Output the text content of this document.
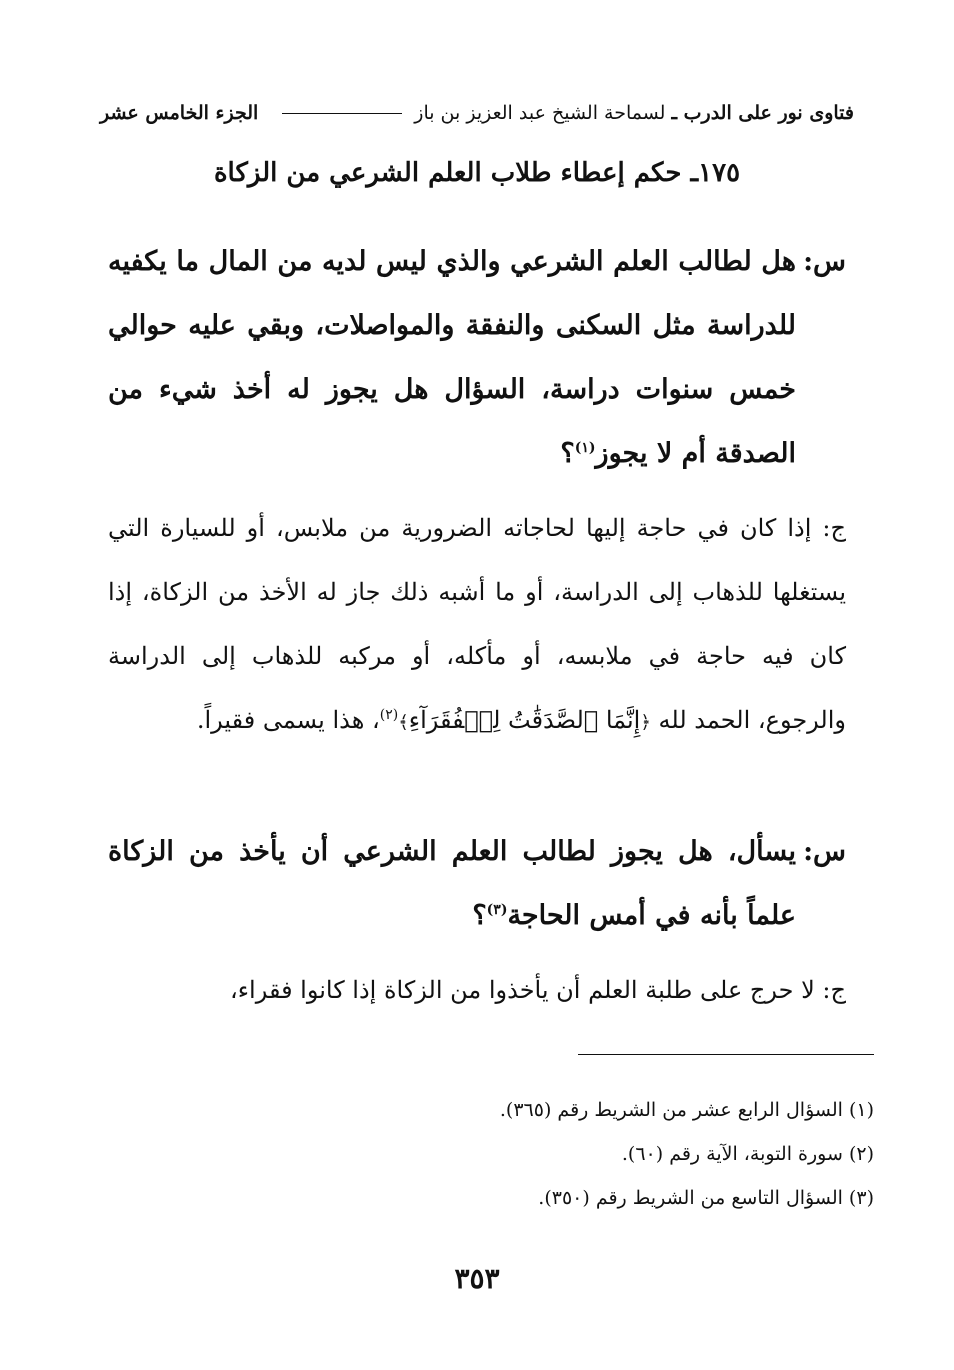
فتاوى نور على الدرب ـ
لسماحة الشيخ عبد العزيز بن باز
الجزء الخامس عشر
١٧٥ـ حكم إعطاء طلاب العلم الشرعي من الزكاة

س:هل لطالب العلم الشرعي والذي ليس لديه من المال ما يكفيه للدراسة مثل السكنى والنفقة والمواصلات، وبقي عليه حوالي خمس سنوات دراسة، السؤال هل يجوز له أخذ شيء من الصدقة أم لا يجوز$^{(١)}$؟

ج: إذا كان في حاجة إليها لحاجاته الضرورية من ملابس، أو للسيارة التي يستغلها للذهاب إلى الدراسة، أو ما أشبه ذلك جاز له الأخذ من الزكاة، إذا كان فيه حاجة في ملابسه، أو مأكله، أو مركبه للذهاب إلى الدراسة والرجوع، الحمد لله ﴿إِنَّمَا ٱلصَّدَقَٰتُ لِلۡفُقَرَآءِ﴾$^{(٢)}$، هذا يسمى فقيراً.

س:يسأل، هل يجوز لطالب العلم الشرعي أن يأخذ من الزكاة علماً بأنه في أمس الحاجة$^{(٣)}$؟

ج: لا حرج على طلبة العلم أن يأخذوا من الزكاة إذا كانوا فقراء،

(١) السؤال الرابع عشر من الشريط رقم (٣٦٥).
(٢) سورة التوبة، الآية رقم (٦٠).
(٣) السؤال التاسع من الشريط رقم (٣٥٠).
٣٥٣
